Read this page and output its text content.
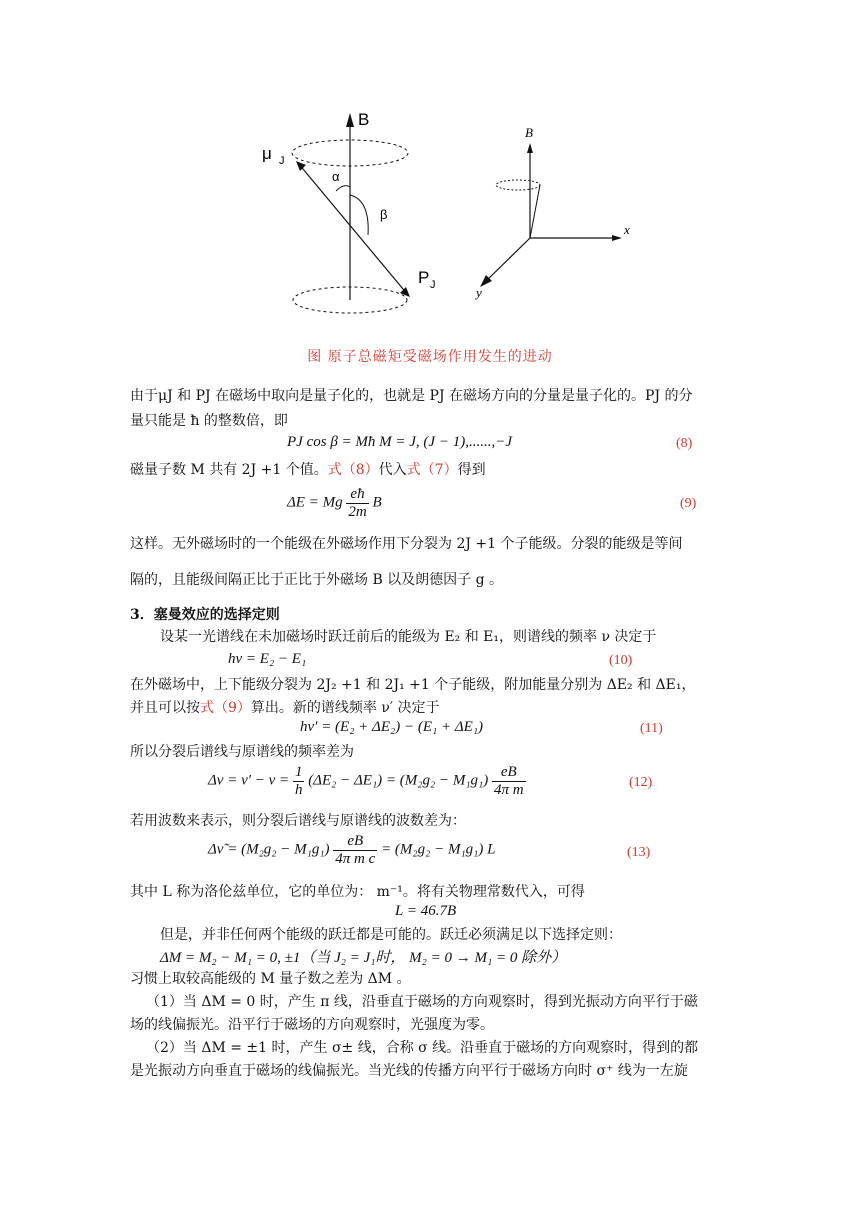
B
μ J
P J
α
β
B
x
y
图 原子总磁矩受磁场作用发生的进动
由于μJ 和 PJ 在磁场中取向是量子化的，也就是 PJ 在磁场方向的分量是量子化的。PJ 的分
量只能是 ħ 的整数倍，即
PJ cos β = Mħ M = J, (J − 1),......,−J	(8)
磁量子数 M 共有 2J +1 个值。式（8）代入式（7）得到
ΔE = Mg $\frac{eħ}{2m}$ B	(9)
这样。无外磁场时的一个能级在外磁场作用下分裂为 2J +1 个子能级。分裂的能级是等间
隔的，且能级间隔正比于正比于外磁场 B 以及朗德因子 g 。
3．塞曼效应的选择定则
设某一光谱线在未加磁场时跃迁前后的能级为 E₂ 和 E₁，则谱线的频率 ν 决定于
hν = E₂ − E₁	(10)
在外磁场中，上下能级分裂为 2J₂ +1 和 2J₁ +1 个子能级，附加能量分别为 ΔE₂ 和 ΔE₁，
并且可以按式（9）算出。新的谱线频率 ν′ 决定于
hν′ = (E₂ + ΔE₂) − (E₁ + ΔE₁)	(11)
所以分裂后谱线与原谱线的频率差为
$\Delta\nu = \nu' - \nu = \frac{1}{h} (\Delta E_2 - \Delta E_1) = (M_2g_2 - M_1g_1) \frac{eB}{\text{4π m}}$	(12)
若用波数来表示，则分裂后谱线与原谱线的波数差为：
Δν̃ = $(M_2g_2 - M_1g_1) \frac{eB}{\text{4π m c}} = (M_2g_2 - M_1g_1)$ L	(13)
其中 L 称为洛伦兹单位，它的单位为： m⁻¹。将有关物理常数代入，可得
L = 46.7B
但是，并非任何两个能级的跃迁都是可能的。跃迁必须满足以下选择定则：
ΔM = M₂ − M₁ = 0, ±1（当 J₂ = J₁时， M₂ = 0 → M₁ = 0 除外）
习惯上取较高能级的 M 量子数之差为 ΔM 。
（1）当 ΔM = 0 时，产生 π 线，沿垂直于磁场的方向观察时，得到光振动方向平行于磁
场的线偏振光。沿平行于磁场的方向观察时，光强度为零。
（2）当 ΔM = ±1 时，产生 σ± 线，合称 σ 线。沿垂直于磁场的方向观察时，得到的都
是光振动方向垂直于磁场的线偏振光。当光线的传播方向平行于磁场方向时 σ⁺ 线为一左旋
